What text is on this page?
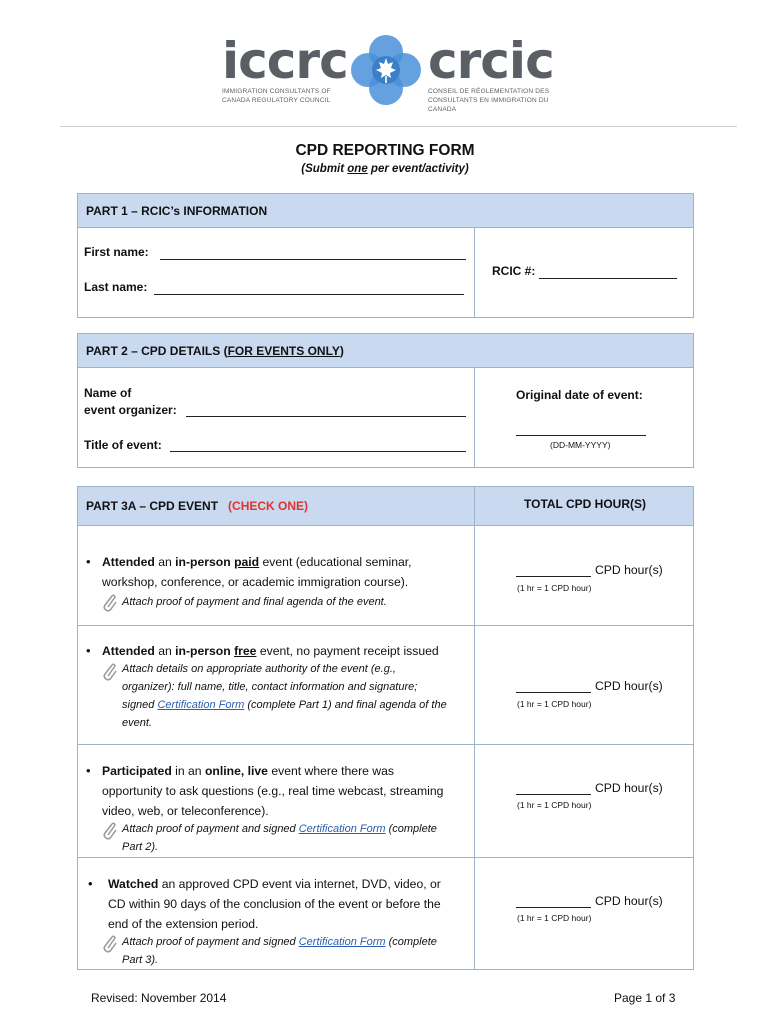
iccrc crcic
IMMIGRATION CONSULTANTS OF CANADA REGULATORY COUNCIL
CONSEIL DE RÉGLEMENTATION DES CONSULTANTS EN IMMIGRATION DU CANADA
CPD REPORTING FORM
(Submit one per event/activity)
PART 1 – RCIC’s INFORMATION
First name:
Last name:
RCIC #:
PART 2 – CPD DETAILS ( FOR EVENTS ONLY )
Name of
event organizer:
Title of event:
Original date of event:
(DD-MM-YYYY)
PART 3A – CPD EVENT
(CHECK ONE)	TOTAL CPD HOUR(S)
• Attended an in-person paid event (educational seminar,
workshop, conference, or academic immigration course).
Attach proof of payment and final agenda of the event.
CPD hour(s)
(1 hr = 1 CPD hour)
• Attended an in-person free event, no payment receipt issued
Attach details on appropriate authority of the event (e.g.,
organizer): full name, title, contact information and signature;
signed Certification Form (complete Part 1) and final agenda of the
event.
CPD hour(s)
(1 hr = 1 CPD hour)
• Participated in an online, live event where there was
opportunity to ask questions (e.g., real time webcast, streaming
video, web, or teleconference).
Attach proof of payment and signed Certification Form (complete
Part 2).
CPD hour(s)
(1 hr = 1 CPD hour)
• Watched an approved CPD event via internet, DVD, video, or
CD within 90 days of the conclusion of the event or before the
end of the extension period.
Attach proof of payment and signed Certification Form (complete
Part 3).
CPD hour(s)
(1 hr = 1 CPD hour)
Revised: November 2014	Page 1 of 3
